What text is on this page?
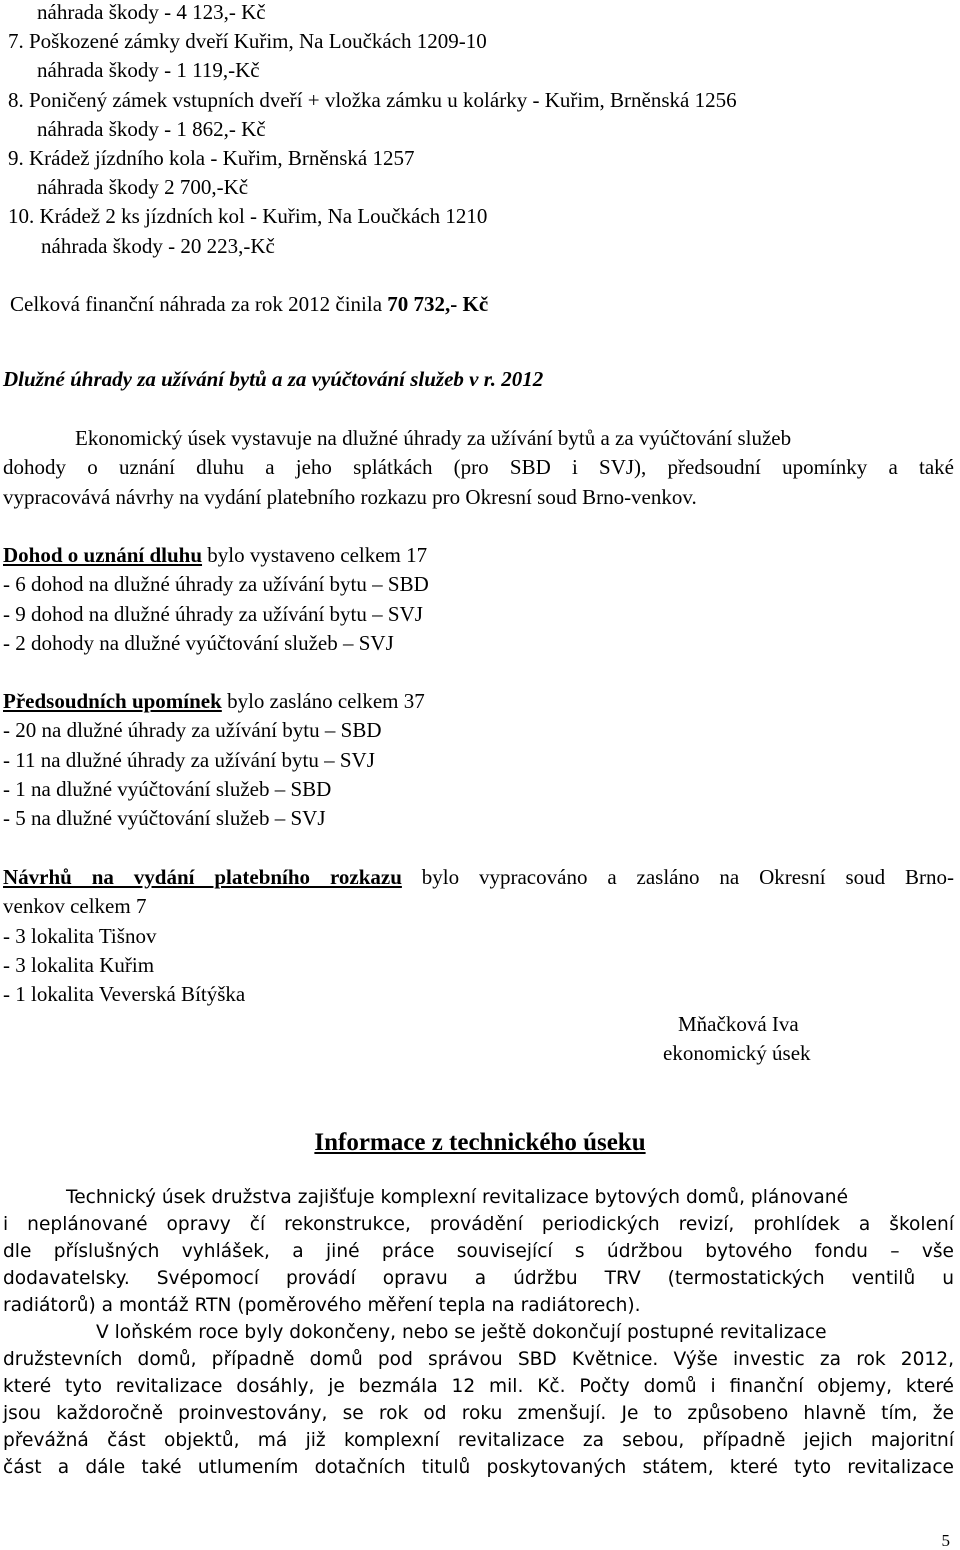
náhrada škody - 4 123,- Kč
7. Poškozené zámky dveří Kuřim, Na Loučkách 1209-10
náhrada škody - 1 119,-Kč
8. Poničený zámek vstupních dveří + vložka zámku u kolárky - Kuřim, Brněnská 1256
náhrada škody - 1 862,- Kč
9. Krádež jízdního kola - Kuřim, Brněnská 1257
náhrada škody 2 700,-Kč
10. Krádež 2 ks jízdních kol - Kuřim, Na Loučkách 1210
náhrada škody - 20 223,-Kč
Celková finanční náhrada za rok 2012 činila 70 732,- Kč
Dlužné úhrady za užívání bytů a za vyúčtování služeb v r. 2012
Ekonomický úsek vystavuje na dlužné úhrady za užívání bytů a za vyúčtování služeb
dohody o uznání dluhu a jeho splátkách (pro SBD i SVJ), předsoudní upomínky a také
vypracovává návrhy na vydání platebního rozkazu pro Okresní soud Brno-venkov.
Dohod o uznání dluhu bylo vystaveno celkem 17
- 6 dohod na dlužné úhrady za užívání bytu – SBD
- 9 dohod na dlužné úhrady za užívání bytu – SVJ
- 2 dohody na dlužné vyúčtování služeb – SVJ
Předsoudních upomínek bylo zasláno celkem 37
- 20 na dlužné úhrady za užívání bytu – SBD
- 11 na dlužné úhrady za užívání bytu – SVJ
- 1 na dlužné vyúčtování služeb – SBD
- 5 na dlužné vyúčtování služeb – SVJ
Návrhů na vydání platebního rozkazu bylo vypracováno a zasláno na Okresní soud Brno-
venkov celkem 7
- 3 lokalita Tišnov
- 3 lokalita Kuřim
- 1 lokalita Veverská Bítýška
Mňačková Iva
ekonomický úsek
Informace z technického úseku
Technický úsek družstva zajišťuje komplexní revitalizace bytových domů, plánované
i neplánované opravy čí rekonstrukce, provádění periodických revizí, prohlídek a školení
dle příslušných vyhlášek, a jiné práce související s údržbou bytového fondu – vše
dodavatelsky. Svépomocí provádí opravu a údržbu TRV (termostatických ventilů u
radiátorů) a montáž RTN (poměrového měření tepla na radiátorech).
V loňském roce byly dokončeny, nebo se ještě dokončují postupné revitalizace
družstevních domů, případně domů pod správou SBD Květnice. Výše investic za rok 2012,
které tyto revitalizace dosáhly, je bezmála 12 mil. Kč. Počty domů i finanční objemy, které
jsou každoročně proinvestovány, se rok od roku zmenšují. Je to způsobeno hlavně tím, že
převážná část objektů, má již komplexní revitalizace za sebou, případně jejich majoritní
část a dále také utlumením dotačních titulů poskytovaných státem, které tyto revitalizace
5
